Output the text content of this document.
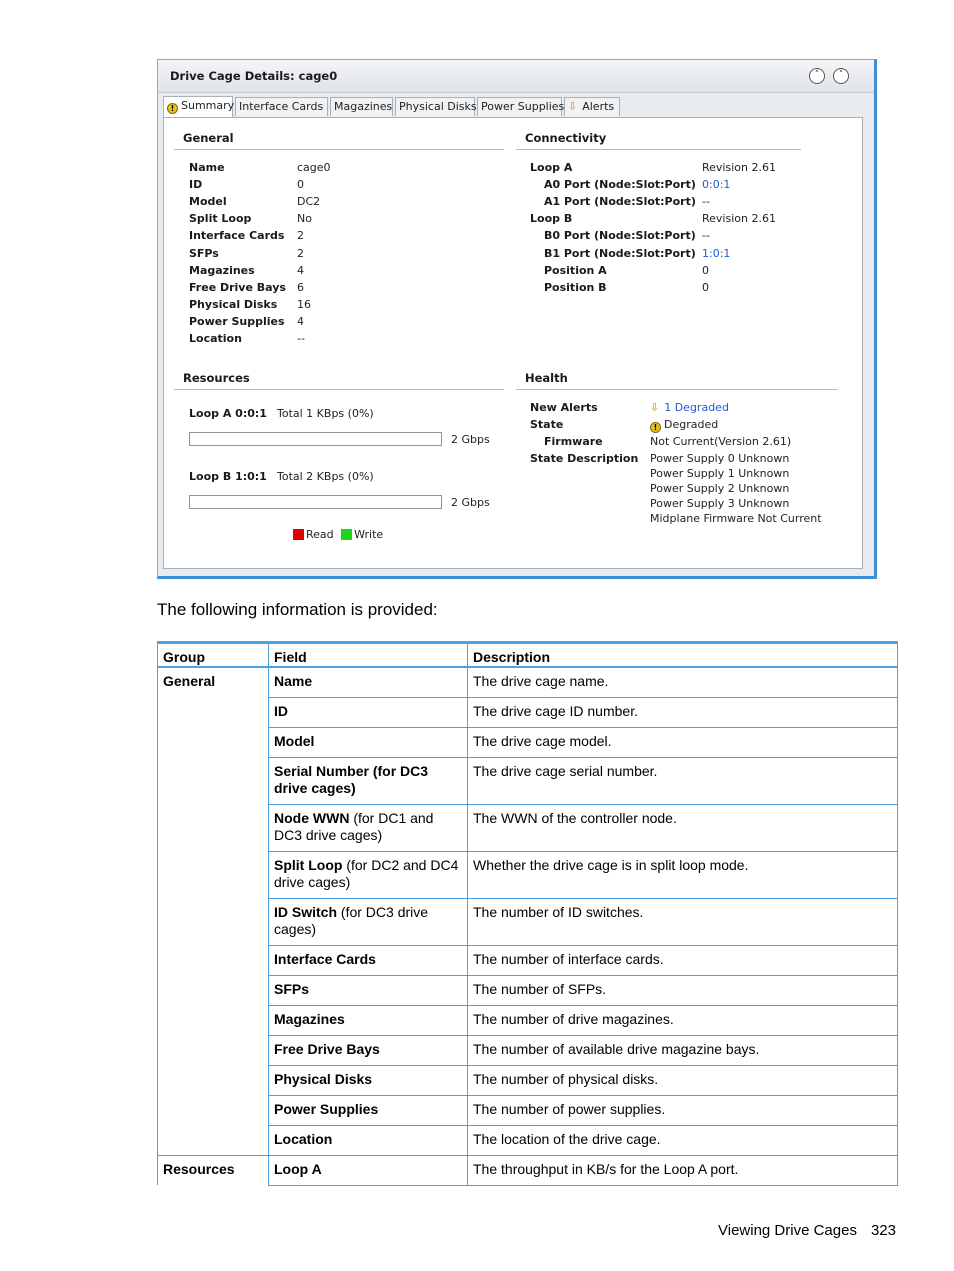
Drive Cage Details: cage0	˄	˅
! Summary Interface Cards Magazines Physical Disks Power Supplies ⇩ Alerts
General
Name	cage0
ID	0
Model	DC2
Split Loop	No
Interface Cards 2
SFPs	2
Magazines	4
Free Drive Bays 6
Physical Disks 16
Power Supplies 4
Location	--
Connectivity
Loop A	Revision 2.61
A0 Port (Node:Slot:Port) 0:0:1
A1 Port (Node:Slot:Port) --
Loop B	Revision 2.61
B0 Port (Node:Slot:Port) --
B1 Port (Node:Slot:Port) 1:0:1
Position A	0
Position B	0
Resources
Loop A 0:0:1 Total 1 KBps (0%)
2 Gbps
Loop B 1:0:1 Total 2 KBps (0%)
2 Gbps
Read Write
Health
New Alerts	⇩ 1 Degraded
State	! Degraded
Firmware	Not Current(Version 2.61)
State Description Power Supply 0 Unknown
Power Supply 1 Unknown
Power Supply 2 Unknown
Power Supply 3 Unknown
Midplane Firmware Not Current
The following information is provided:
Group	Field	Description
General	Name	The drive cage name.
	ID	The drive cage ID number.
	Model	The drive cage model.
	Serial Number (for DC3 drive cages)	The drive cage serial number.
	Node WWN (for DC1 and DC3 drive cages)	The WWN of the controller node.
	Split Loop (for DC2 and DC4 drive cages)	Whether the drive cage is in split loop mode.
	ID Switch (for DC3 drive cages)	The number of ID switches.
	Interface Cards	The number of interface cards.
	SFPs	The number of SFPs.
	Magazines	The number of drive magazines.
	Free Drive Bays	The number of available drive magazine bays.
	Physical Disks	The number of physical disks.
	Power Supplies	The number of power supplies.
	Location	The location of the drive cage.
Resources	Loop A	The throughput in KB/s for the Loop A port.
Viewing Drive Cages 323
